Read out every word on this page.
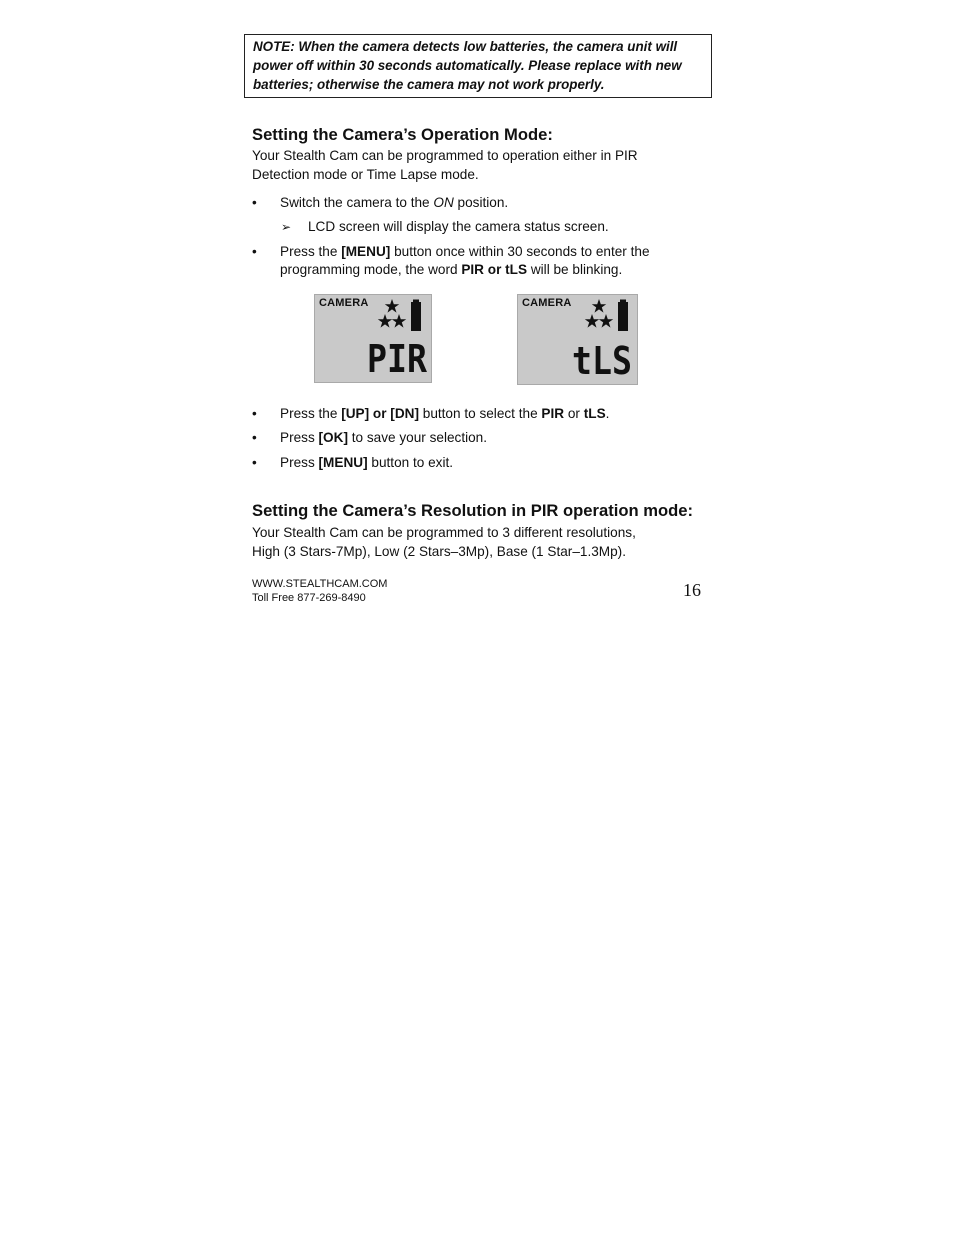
NOTE: When the camera detects low batteries, the camera unit will
power off within 30 seconds automatically. Please replace with new
batteries; otherwise the camera may not work properly.
Setting the Camera’s Operation Mode:
Your Stealth Cam can be programmed to operation either in PIR
Detection mode or Time Lapse mode.
•	Switch the camera to the ON position.
➢ LCD screen will display the camera status screen.
•	Press the [MENU] button once within 30 seconds to enter the
programming mode, the word PIR or tLS will be blinking.
CAMERA
PIR
CAMERA
tLS
•	Press the [UP] or [DN] button to select the PIR or tLS.
•	Press [OK] to save your selection.
•	Press [MENU] button to exit.
Setting the Camera’s Resolution in PIR operation mode:
Your Stealth Cam can be programmed to 3 different resolutions,
High (3 Stars-7Mp), Low (2 Stars–3Mp), Base (1 Star–1.3Mp).
WWW.STEALTHCAM.COM
Toll Free 877-269-8490	16
